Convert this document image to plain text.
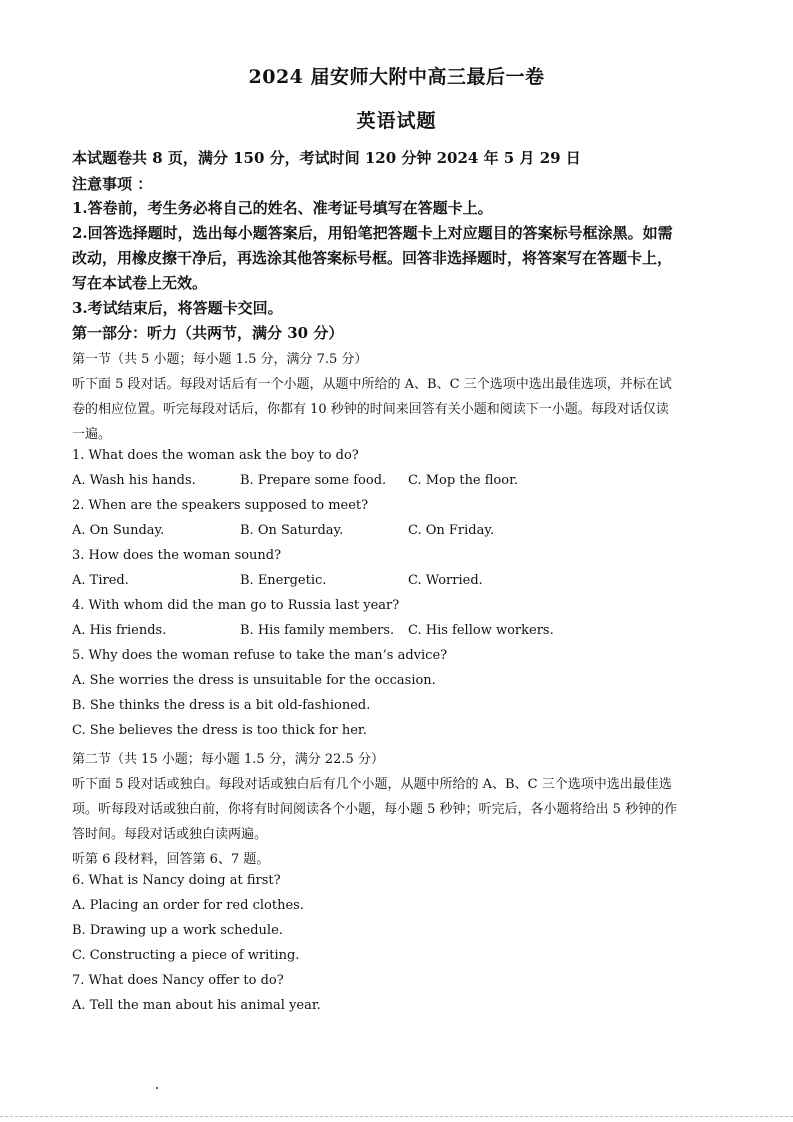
2024 届安师大附中高三最后一卷
英语试题
本试题卷共 8 页，满分 150 分，考试时间 120 分钟 2024 年 5 月 29 日
注意事项 ：
1.答卷前，考生务必将自己的姓名、准考证号填写在答题卡上。
2.回答选择题时，选出每小题答案后，用铅笔把答题卡上对应题目的答案标号框涂黑。如需
改动，用橡皮擦干净后，再选涂其他答案标号框。回答非选择题时，将答案写在答题卡上，
写在本试卷上无效。
3.考试结束后，将答题卡交回。
第一部分：听力（共两节，满分 30 分）
第一节（共 5 小题；每小题 1.5 分，满分 7.5 分）
听下面 5 段对话。每段对话后有一个小题，从题中所给的 A、B、C 三个选项中选出最佳选项，并标在试
卷的相应位置。听完每段对话后，你都有 10 秒钟的时间来回答有关小题和阅读下一小题。每段对话仅读
一遍。
1. What does the woman ask the boy to do?
A. Wash his hands.	B. Prepare some food. C. Mop the floor.
2. When are the speakers supposed to meet?
A. On Sunday.	B. On Saturday.	C. On Friday.
3. How does the woman sound?
A. Tired.	B. Energetic.	C. Worried.
4. With whom did the man go to Russia last year?
A. His friends.	B. His family members. C. His fellow workers.
5. Why does the woman refuse to take the man’s advice?
A. She worries the dress is unsuitable for the occasion.
B. She thinks the dress is a bit old-fashioned.
C. She believes the dress is too thick for her.
第二节（共 15 小题；每小题 1.5 分，满分 22.5 分）
听下面 5 段对话或独白。每段对话或独白后有几个小题，从题中所给的 A、B、C 三个选项中选出最佳选
项。听每段对话或独白前，你将有时间阅读各个小题，每小题 5 秒钟；听完后，各小题将给出 5 秒钟的作
答时间。每段对话或独白读两遍。
听第 6 段材料，回答第 6、7 题。
6. What is Nancy doing at first?
A. Placing an order for red clothes.
B. Drawing up a work schedule.
C. Constructing a piece of writing.
7. What does Nancy offer to do?
A. Tell the man about his animal year.
